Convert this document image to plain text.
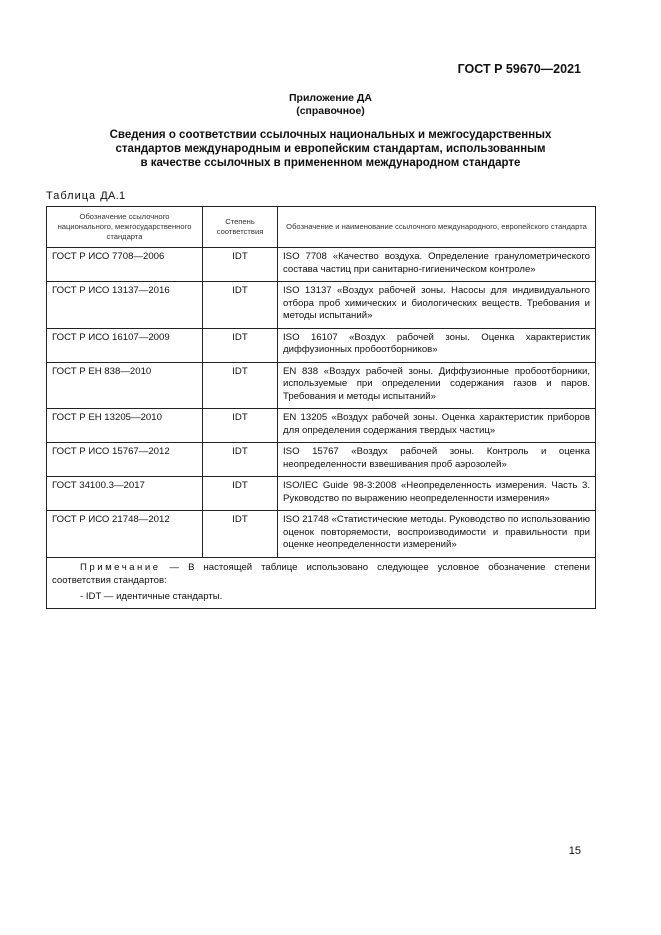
ГОСТ Р 59670—2021
Приложение ДА
(справочное)
Сведения о соответствии ссылочных национальных и межгосударственных
стандартов международным и европейским стандартам, использованным
в качестве ссылочных в примененном международном стандарте
Таблица ДА.1
Обозначение ссылочного национального, межгосударственного стандарта	Степень соответствия	Обозначение и наименование ссылочного международного, европейского стандарта
ГОСТ Р ИСО 7708—2006	IDT	ISO 7708 «Качество воздуха. Определение гранулометрического состава частиц при санитарно-гигиеническом контроле»
ГОСТ Р ИСО 13137—2016	IDT	ISO 13137 «Воздух рабочей зоны. Насосы для индивидуального отбора проб химических и биологических веществ. Требования и методы испытаний»
ГОСТ Р ИСО 16107—2009	IDT	ISO 16107 «Воздух рабочей зоны. Оценка характеристик диффузионных пробоотборников»
ГОСТ Р ЕН 838—2010	IDT	EN 838 «Воздух рабочей зоны. Диффузионные пробоотборники, используемые при определении содержания газов и паров. Требования и методы испытаний»
ГОСТ Р ЕН 13205—2010	IDT	EN 13205 «Воздух рабочей зоны. Оценка характеристик приборов для определения содержания твердых частиц»
ГОСТ Р ИСО 15767—2012	IDT	ISO 15767 «Воздух рабочей зоны. Контроль и оценка неопределенности взвешивания проб аэрозолей»
ГОСТ 34100.3—2017	IDT	ISO/IEC Guide 98-3:2008 «Неопределенность измерения. Часть 3. Руководство по выражению неопределенности измерения»
ГОСТ Р ИСО 21748—2012	IDT	ISO 21748 «Статистические методы. Руководство по использованию оценок повторяемости, воспроизводимости и правильности при оценке неопределенности измерений»

Примечание — В настоящей таблице использовано следующее условное обозначение степени соответствия стандартов:
- IDT — идентичные стандарты.		
15
